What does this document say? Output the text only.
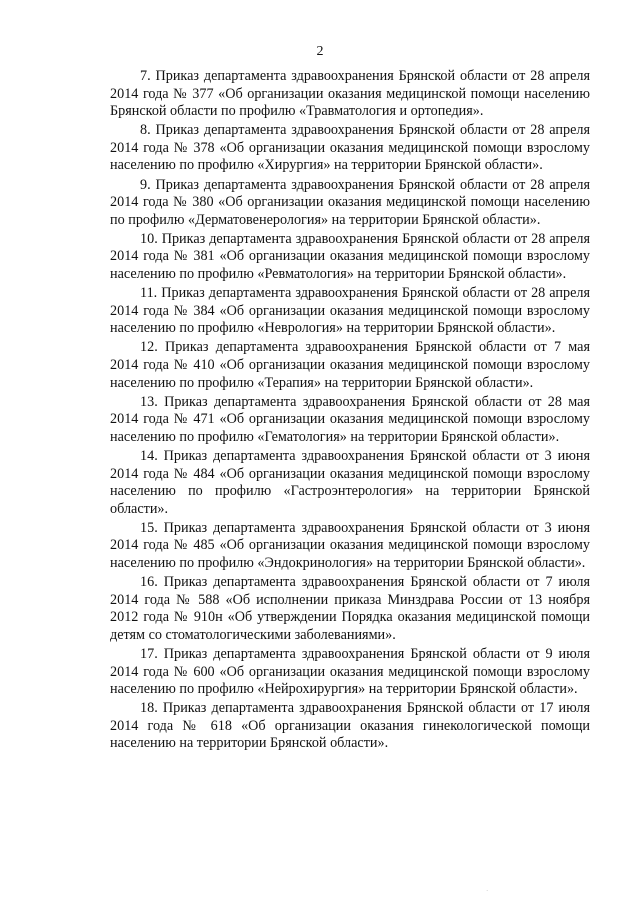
2

7. Приказ департамента здравоохранения Брянской области от 28 апреля 2014 года № 377 «Об организации оказания медицинской помощи населению Брянской области по профилю «Травматология и ортопедия».

8. Приказ департамента здравоохранения Брянской области от 28 апреля 2014 года № 378 «Об организации оказания медицинской помощи взрослому населению по профилю «Хирургия» на территории Брянской области».

9. Приказ департамента здравоохранения Брянской области от 28 апреля 2014 года № 380 «Об организации оказания медицинской помощи населению по профилю «Дерматовенерология» на территории Брянской области».

10. Приказ департамента здравоохранения Брянской области от 28 апреля 2014 года № 381 «Об организации оказания медицинской помощи взрослому населению по профилю «Ревматология» на территории Брянской области».

11. Приказ департамента здравоохранения Брянской области от 28 апреля 2014 года № 384 «Об организации оказания медицинской помощи взрослому населению по профилю «Неврология» на территории Брянской области».

12. Приказ департамента здравоохранения Брянской области от 7 мая 2014 года № 410 «Об организации оказания медицинской помощи взрослому населению по профилю «Терапия» на территории Брянской области».

13. Приказ департамента здравоохранения Брянской области от 28 мая 2014 года № 471 «Об организации оказания медицинской помощи взрослому населению по профилю «Гематология» на территории Брянской области».

14. Приказ департамента здравоохранения Брянской области от 3 июня 2014 года № 484 «Об организации оказания медицинской помощи взрослому населению по профилю «Гастроэнтерология» на территории Брянской области».

15. Приказ департамента здравоохранения Брянской области от 3 июня 2014 года № 485 «Об организации оказания медицинской помощи взрослому населению по профилю «Эндокринология» на территории Брянской области».

16. Приказ департамента здравоохранения Брянской области от 7 июля 2014 года № 588 «Об исполнении приказа Минздрава России от 13 ноября 2012 года № 910н «Об утверждении Порядка оказания медицинской помощи детям со стоматологическими заболеваниями».

17. Приказ департамента здравоохранения Брянской области от 9 июля 2014 года № 600 «Об организации оказания медицинской помощи взрослому населению по профилю «Нейрохирургия» на территории Брянской области».

18. Приказ департамента здравоохранения Брянской области от 17 июля 2014 года № 618 «Об организации оказания гинекологической помощи населению на территории Брянской области».

·
